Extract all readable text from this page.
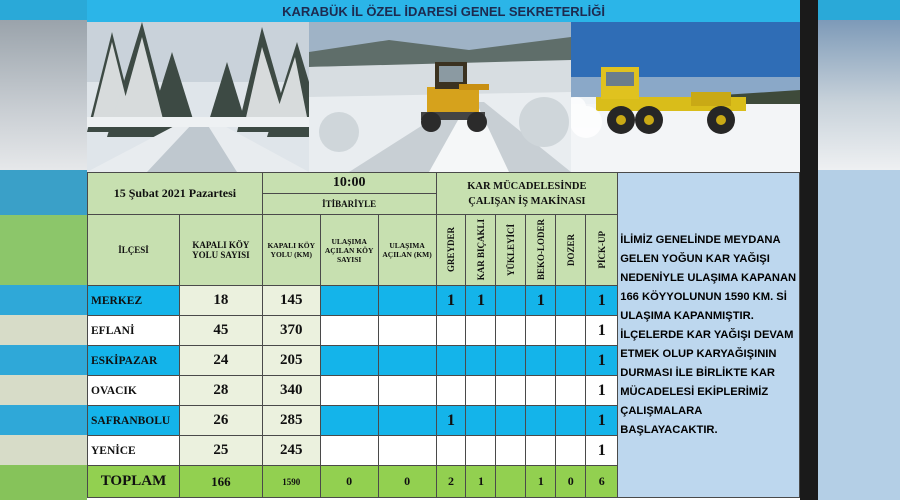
KARABÜK İL ÖZEL İDARESİ GENEL SEKRETERLİĞİ
15 Şubat 2021 Pazartesi		10:00			KAR MÜCADELESİNDE ÇALIŞAN İŞ MAKİNASI						İLİMİZ GENELİNDE MEYDANA GELEN YOĞUN KAR YAĞIŞI NEDENİYLE ULAŞIMA KAPANAN 166 KÖYYOLUNUN 1590 KM. Sİ ULAŞIMA KAPANMIŞTIR. İLÇELERDE KAR YAĞIŞI DEVAM ETMEK OLUP KARYAĞIŞININ DURMASI İLE BİRLİKTE KAR MÜCADELESİ EKİPLERİMİZ ÇALIŞMALARA BAŞLAYACAKTIR.

		İTİBARİYLE									
İLÇESİ	KAPALI KÖY YOLU SAYISI	KAPALI KÖY YOLU (KM)	ULAŞIMA AÇILAN KÖY SAYISI	ULAŞIMA AÇILAN (KM)	GREYDER	KAR BIÇAKLI	YÜKLEYİCİ	BEKO-LODER	DOZER	PİCK-UP	

MERKEZ	18	145			1	1		1		1	
EFLANİ	45	370								1	
ESKİPAZAR	24	205								1	
OVACIK	28	340								1	
SAFRANBOLU	26	285			1					1	
YENİCE	25	245								1	
TOPLAM	166	1590	0	0	2	1		1	0	6	
